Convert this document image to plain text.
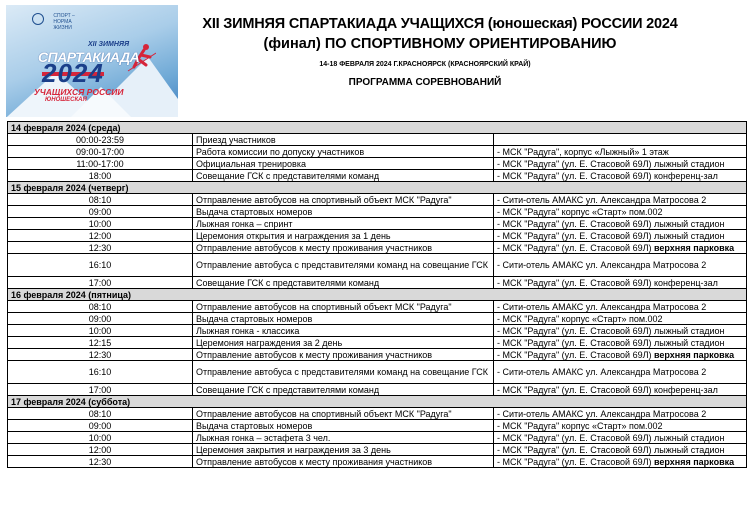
СПОРТ – НОРМА ЖИЗНИ
XII ЗИМНЯЯ
СПАРТАКИАДА
2024
УЧАЩИХСЯ РОССИИ
ЮНОШЕСКАЯ
XII ЗИМНЯЯ СПАРТАКИАДА УЧАЩИХСЯ (юношеская) РОССИИ 2024
(финал) ПО СПОРТИВНОМУ ОРИЕНТИРОВАНИЮ
14-18 ФЕВРАЛЯ 2024 Г.КРАСНОЯРСК (КРАСНОЯРСКИЙ КРАЙ)
ПРОГРАММА СОРЕВНОВАНИЙ
14 февраля 2024 (среда)		
00:00-23:59	Приезд участников	
09:00-17:00	Работа комиссии по допуску участников	- МСК "Радуга", корпус «Лыжный» 1 этаж
11:00-17:00	Официальная тренировка	- МСК "Радуга" (ул. Е. Стасовой 69Л) лыжный стадион
18:00	Совещание ГСК с представителями команд	- МСК "Радуга" (ул. Е. Стасовой 69Л) конференц-зал
15 февраля 2024 (четверг)		
08:10	Отправление автобусов на спортивный объект МСК "Радуга"	- Сити-отель АМАКС ул. Александра Матросова 2
09:00	Выдача стартовых номеров	- МСК "Радуга" корпус «Старт» пом.002
10:00	Лыжная гонка – спринт	- МСК "Радуга" (ул. Е. Стасовой 69Л) лыжный стадион
12:00	Церемония открытия и награждения за 1 день	- МСК "Радуга" (ул. Е. Стасовой 69Л) лыжный стадион
12:30	Отправление автобусов к месту проживания участников	- МСК "Радуга" (ул. Е. Стасовой 69Л) верхняя парковка
16:10	Отправление автобуса с представителями команд на совещание ГСК	- Сити-отель АМАКС ул. Александра Матросова 2
17:00	Совещание ГСК с представителями команд	- МСК "Радуга" (ул. Е. Стасовой 69Л) конференц-зал
16 февраля 2024 (пятница)		
08:10	Отправление автобусов на спортивный объект МСК "Радуга"	- Сити-отель АМАКС ул. Александра Матросова 2
09:00	Выдача стартовых номеров	- МСК "Радуга" корпус «Старт» пом.002
10:00	Лыжная гонка - классика	- МСК "Радуга" (ул. Е. Стасовой 69Л) лыжный стадион
12:15	Церемония награждения за 2 день	- МСК "Радуга" (ул. Е. Стасовой 69Л) лыжный стадион
12:30	Отправление автобусов к месту проживания участников	- МСК "Радуга" (ул. Е. Стасовой 69Л) верхняя парковка
16:10	Отправление автобуса с представителями команд на совещание ГСК	- Сити-отель АМАКС ул. Александра Матросова 2
17:00	Совещание ГСК с представителями команд	- МСК "Радуга" (ул. Е. Стасовой 69Л) конференц-зал
17 февраля 2024 (суббота)		
08:10	Отправление автобусов на спортивный объект МСК "Радуга"	- Сити-отель АМАКС ул. Александра Матросова 2
09:00	Выдача стартовых номеров	- МСК "Радуга" корпус «Старт» пом.002
10:00	Лыжная гонка – эстафета 3 чел.	- МСК "Радуга" (ул. Е. Стасовой 69Л) лыжный стадион
12:00	Церемония закрытия и награждения за 3 день	- МСК "Радуга" (ул. Е. Стасовой 69Л) лыжный стадион
12:30	Отправление автобусов к месту проживания участников	- МСК "Радуга" (ул. Е. Стасовой 69Л) верхняя парковка
